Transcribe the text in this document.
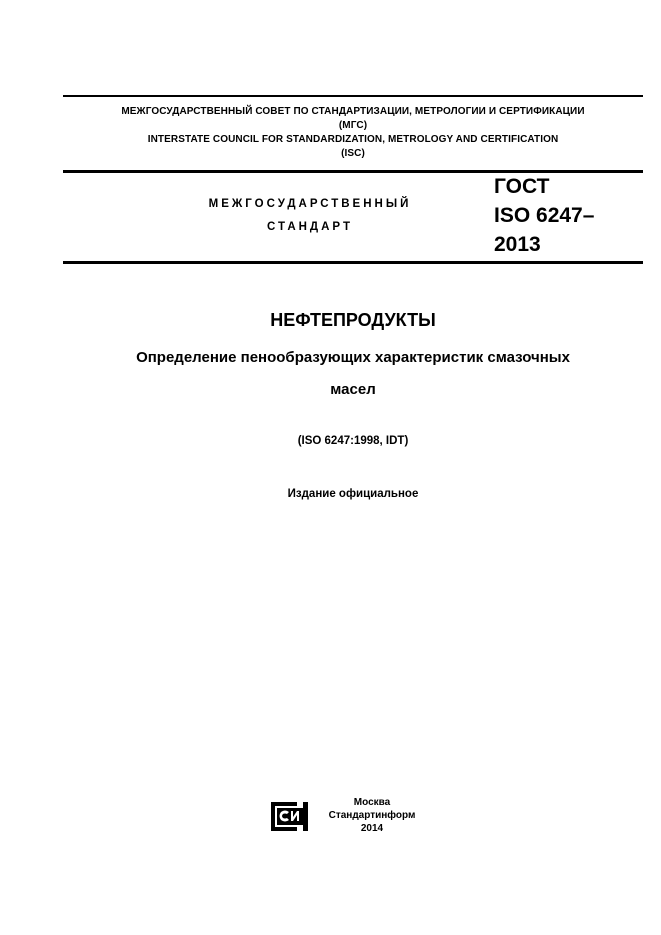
МЕЖГОСУДАРСТВЕННЫЙ СОВЕТ ПО СТАНДАРТИЗАЦИИ, МЕТРОЛОГИИ И СЕРТИФИКАЦИИ
(МГС)
INTERSTATE COUNCIL FOR STANDARDIZATION, METROLOGY AND CERTIFICATION
(ISC)
МЕЖГОСУДАРСТВЕННЫЙ
СТАНДАРТ
ГОСТ
ISO 6247–
2013
НЕФТЕПРОДУКТЫ
Определение пенообразующих характеристик смазочных
масел
(ISO 6247:1998, IDT)
Издание официальное
Москва
Стандартинформ
2014
